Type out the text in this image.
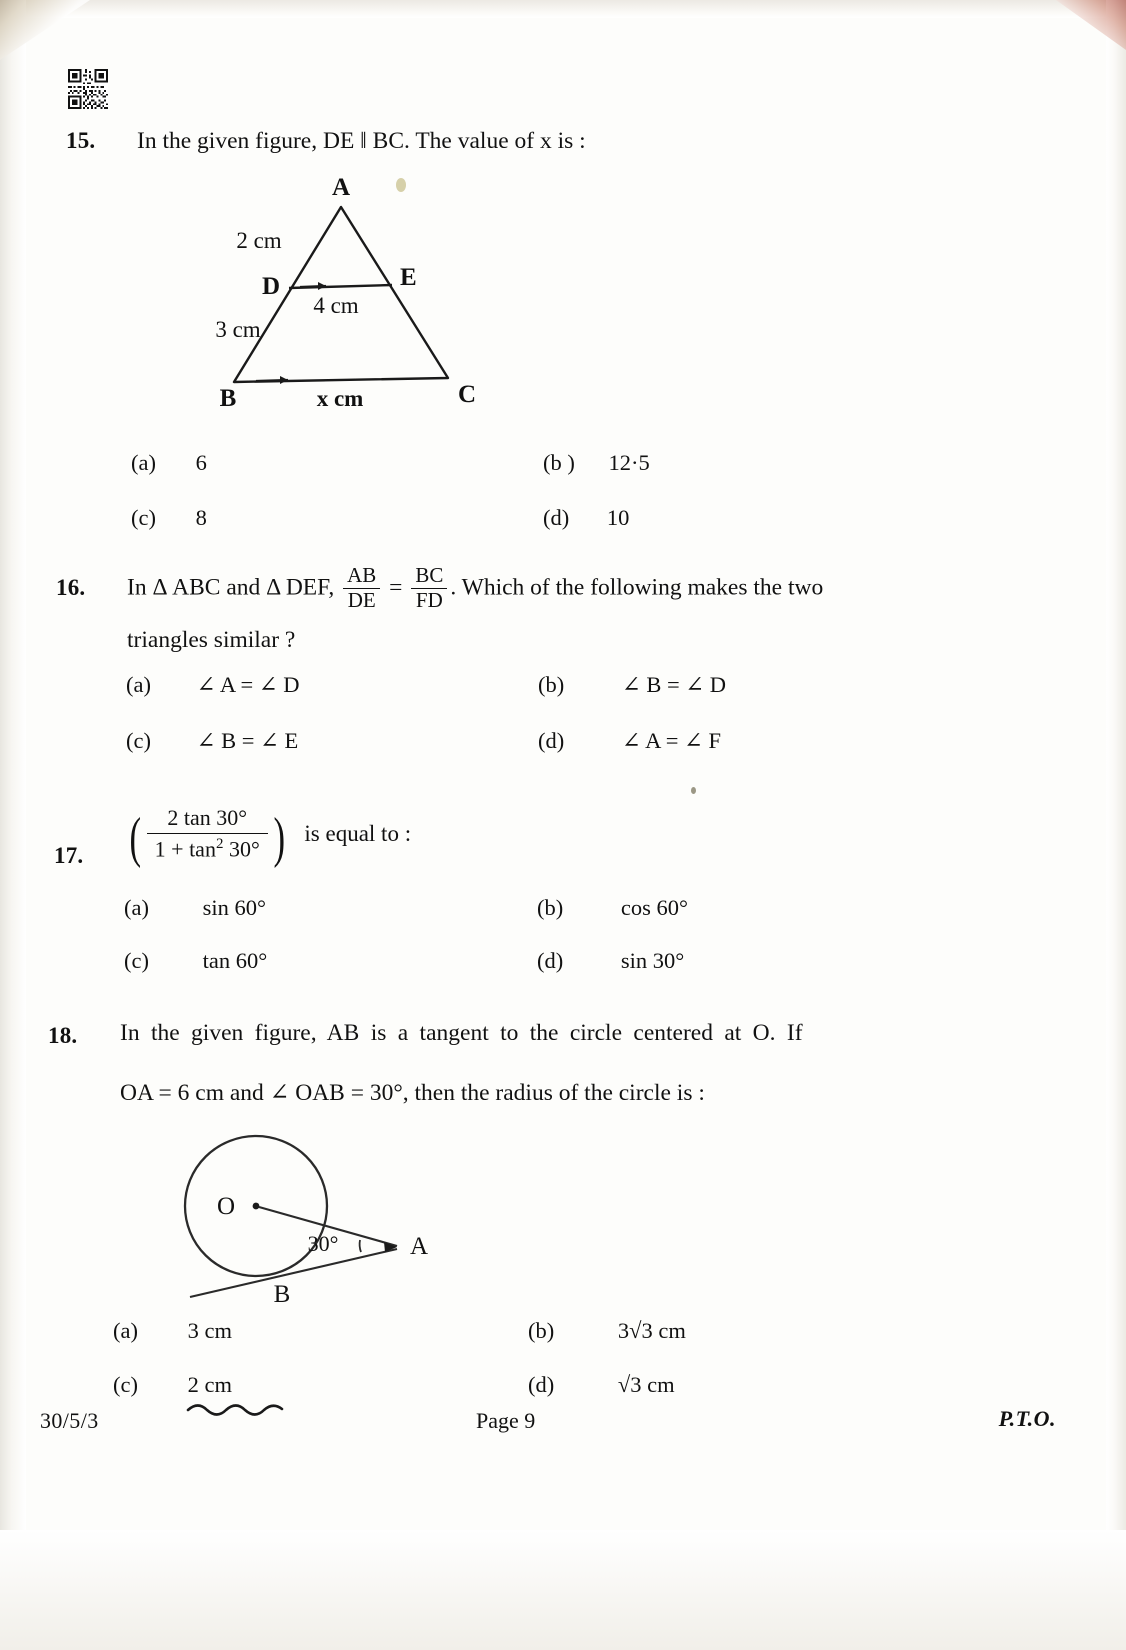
15. In the given figure, DE ‖ BC. The value of x is :
A
D	E
B	C
2 cm
4 cm
3 cm
x cm
(a) 6	(b ) 12·5
(c) 8	(d) 10
16. In Δ ABC and Δ DEF, $\frac{AB}{DE} = \frac{BC}{FD}$ . Which of the following makes the two
triangles similar ?
(a) ∠ A = ∠ D	(b)	∠ B = ∠ D
(c) ∠ B = ∠ E	(d)	∠ A = ∠ F
17. ( $\frac{2 \tan 30^\circ}{1 + \tan^2 30^\circ}$ ) is equal to :
(a) sin 60°	(b)	cos 60°
(c) tan 60°	(d)	sin 30°
18. In the given figure, AB is a tangent to the circle centered at O. If
OA = 6 cm and ∠ OAB = 30°, then the radius of the circle is :
O
A
B
30°
(a) 3 cm	(b)	3√3 cm
(c) 2 cm	(d)	√3 cm
30/5/3	Page 9	P.T.O.
